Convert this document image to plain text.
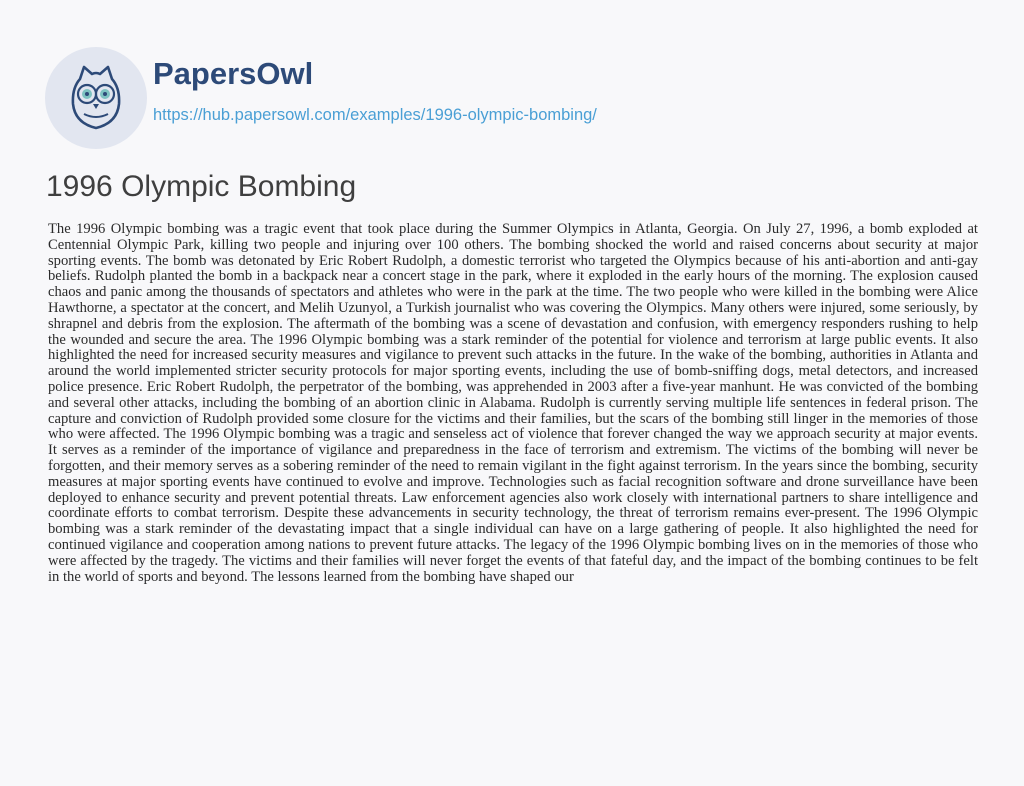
PapersOwl
https://hub.papersowl.com/examples/1996-olympic-bombing/
1996 Olympic Bombing

The 1996 Olympic bombing was a tragic event that took place during the Summer Olympics in Atlanta, Georgia. On July 27, 1996, a bomb exploded at Centennial Olympic Park, killing two people and injuring over 100 others. The bombing shocked the world and raised concerns about security at major sporting events. The bomb was detonated by Eric Robert Rudolph, a domestic terrorist who targeted the Olympics because of his anti-abortion and anti-gay beliefs. Rudolph planted the bomb in a backpack near a concert stage in the park, where it exploded in the early hours of the morning. The explosion caused chaos and panic among the thousands of spectators and athletes who were in the park at the time. The two people who were killed in the bombing were Alice Hawthorne, a spectator at the concert, and Melih Uzunyol, a Turkish journalist who was covering the Olympics. Many others were injured, some seriously, by shrapnel and debris from the explosion. The aftermath of the bombing was a scene of devastation and confusion, with emergency responders rushing to help the wounded and secure the area. The 1996 Olympic bombing was a stark reminder of the potential for violence and terrorism at large public events. It also highlighted the need for increased security measures and vigilance to prevent such attacks in the future. In the wake of the bombing, authorities in Atlanta and around the world implemented stricter security protocols for major sporting events, including the use of bomb-sniffing dogs, metal detectors, and increased police presence. Eric Robert Rudolph, the perpetrator of the bombing, was apprehended in 2003 after a five-year manhunt. He was convicted of the bombing and several other attacks, including the bombing of an abortion clinic in Alabama. Rudolph is currently serving multiple life sentences in federal prison. The capture and conviction of Rudolph provided some closure for the victims and their families, but the scars of the bombing still linger in the memories of those who were affected. The 1996 Olympic bombing was a tragic and senseless act of violence that forever changed the way we approach security at major events. It serves as a reminder of the importance of vigilance and preparedness in the face of terrorism and extremism. The victims of the bombing will never be forgotten, and their memory serves as a sobering reminder of the need to remain vigilant in the fight against terrorism. In the years since the bombing, security measures at major sporting events have continued to evolve and improve. Technologies such as facial recognition software and drone surveillance have been deployed to enhance security and prevent potential threats. Law enforcement agencies also work closely with international partners to share intelligence and coordinate efforts to combat terrorism. Despite these advancements in security technology, the threat of terrorism remains ever-present. The 1996 Olympic bombing was a stark reminder of the devastating impact that a single individual can have on a large gathering of people. It also highlighted the need for continued vigilance and cooperation among nations to prevent future attacks. The legacy of the 1996 Olympic bombing lives on in the memories of those who were affected by the tragedy. The victims and their families will never forget the events of that fateful day, and the impact of the bombing continues to be felt in the world of sports and beyond. The lessons learned from the bombing have shaped our
